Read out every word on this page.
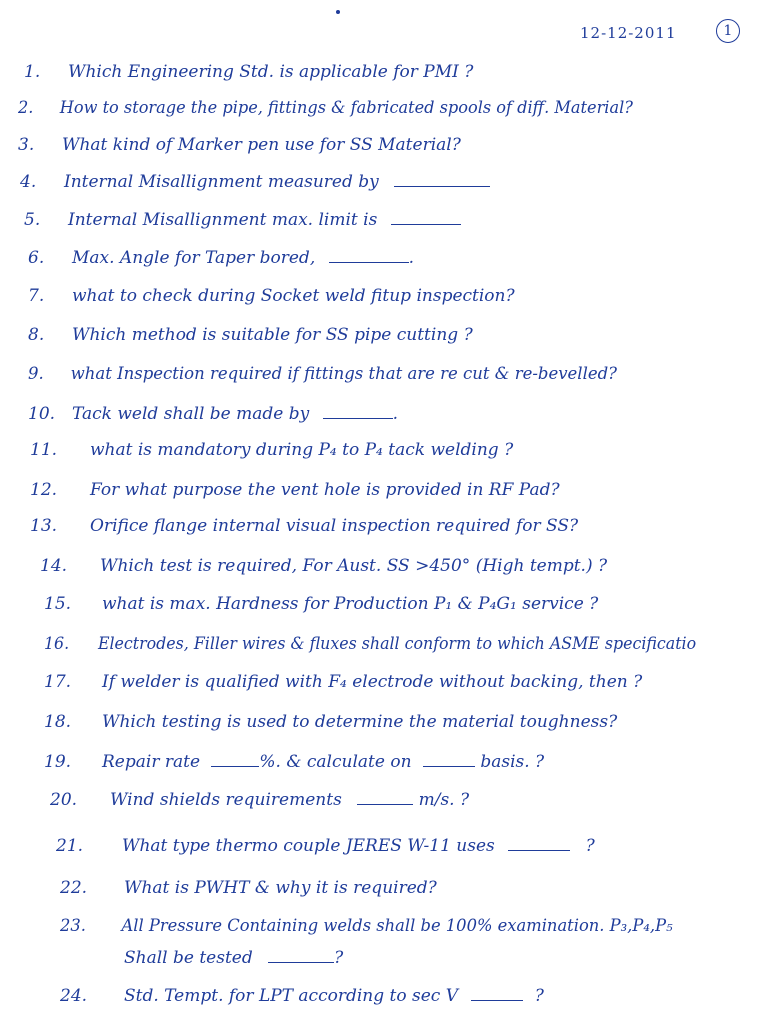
12-12-2011	1
1. Which Engineering Std. is applicable for PMI ?
2. How to storage the pipe, fittings & fabricated spools of diff. Material?
3. What kind of Marker pen use for SS Material?
4. Internal Misallignment measured by
5. Internal Misallignment max. limit is
6. Max. Angle for Taper bored,	.
7. what to check during Socket weld fitup inspection?
8. Which method is suitable for SS pipe cutting ?
9. what Inspection required if fittings that are re cut & re-bevelled?
10. Tack weld shall be made by	.
11. what is mandatory during P₄ to P₄ tack welding ?
12. For what purpose the vent hole is provided in RF Pad?
13. Orifice flange internal visual inspection required for SS?
14. Which test is required, For Aust. SS >450° (High tempt.) ?
15. what is max. Hardness for Production P₁ & P₄G₁ service ?
16. Electrodes, Filler wires & fluxes shall conform to which ASME specificatio
17. If welder is qualified with F₄ electrode without backing, then ?
18. Which testing is used to determine the material toughness?
19. Repair rate	%. & calculate on	basis. ?
20. Wind shields requirements	m/s. ?
21. What type thermo couple JERES W-11 uses	?
22. What is PWHT & why it is required?
23. All Pressure Containing welds shall be 100% examination. P₃,P₄,P₅
Shall be tested	?
24. Std. Tempt. for LPT according to sec V	?
